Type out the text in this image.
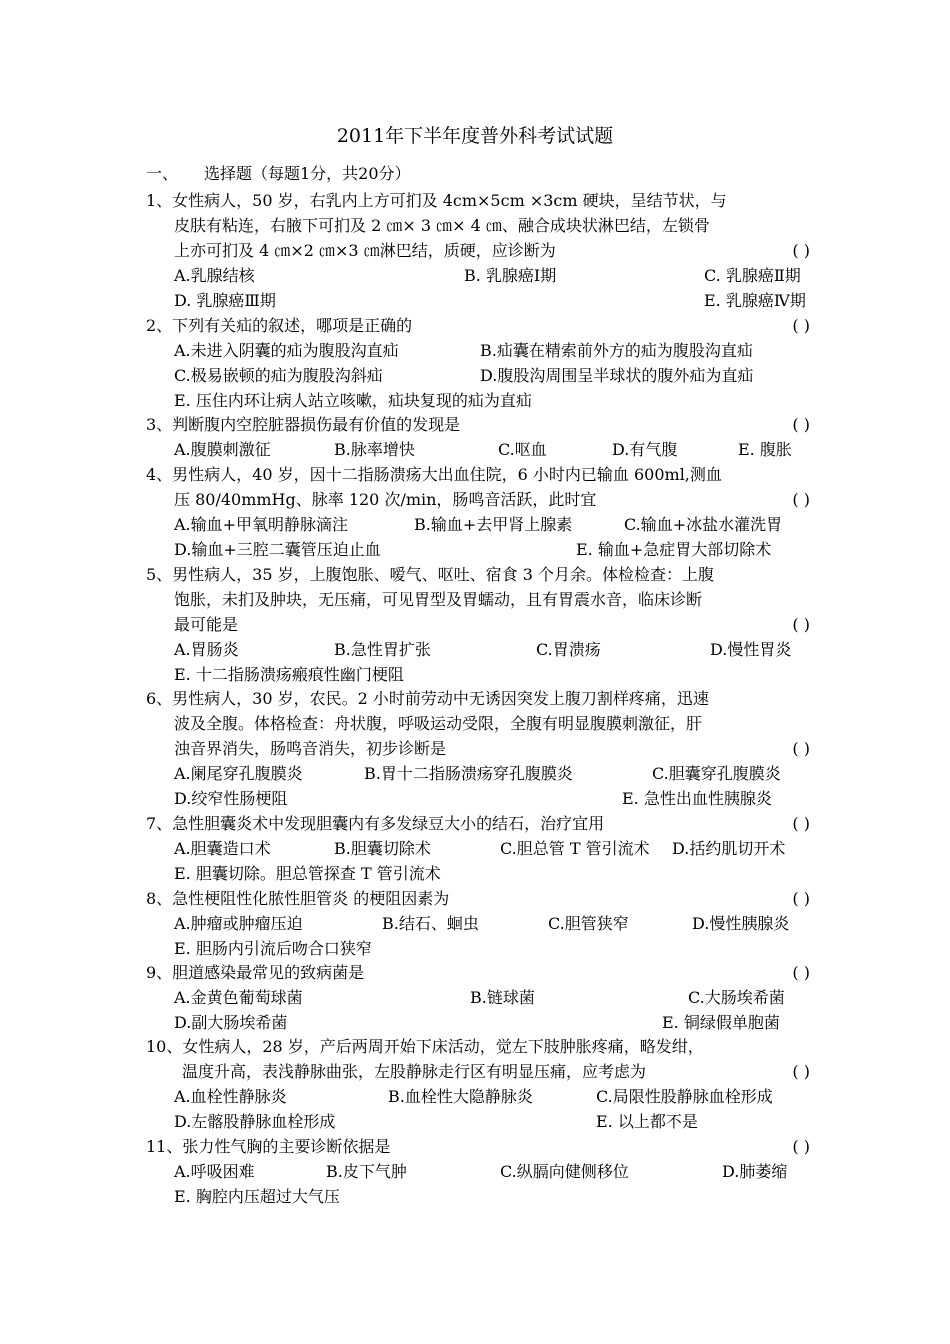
2011年下半年度普外科考试试题
一、 选择题（每题1分，共20分）
1、女性病人，50 岁，右乳内上方可扪及 4cm×5cm ×3cm 硬块，呈结节状，与
皮肤有粘连，右腋下可扪及 2 ㎝× 3 ㎝× 4 ㎝、融合成块状淋巴结，左锁骨
上亦可扪及 4 ㎝×2 ㎝×3 ㎝淋巴结，质硬，应诊断为	( )
A.乳腺结核	B. 乳腺癌Ⅰ期	C. 乳腺癌Ⅱ期
D. 乳腺癌Ⅲ期	E. 乳腺癌Ⅳ期
2、下列有关疝的叙述，哪项是正确的	( )
A.未进入阴囊的疝为腹股沟直疝	B.疝囊在精索前外方的疝为腹股沟直疝
C.极易嵌顿的疝为腹股沟斜疝	D.腹股沟周围呈半球状的腹外疝为直疝
E. 压住内环让病人站立咳嗽，疝块复现的疝为直疝
3、判断腹内空腔脏器损伤最有价值的发现是	( )
A.腹膜刺激征	B.脉率增快	C.呕血	D.有气腹	E. 腹胀
4、男性病人，40 岁，因十二指肠溃疡大出血住院，6 小时内已输血 600ml,测血
压 80/40mmHg、脉率 120 次/min，肠鸣音活跃，此时宜	( )
A.输血+甲氧明静脉滴注	B.输血+去甲肾上腺素	C.输血+冰盐水灌洗胃
D.输血+三腔二囊管压迫止血	E. 输血+急症胃大部切除术
5、男性病人，35 岁，上腹饱胀、嗳气、呕吐、宿食 3 个月余。体检检查：上腹
饱胀，未扪及肿块，无压痛，可见胃型及胃蠕动，且有胃震水音，临床诊断
最可能是	( )
A.胃肠炎	B.急性胃扩张	C.胃溃疡	D.慢性胃炎
E. 十二指肠溃疡瘢痕性幽门梗阻
6、男性病人，30 岁，农民。2 小时前劳动中无诱因突发上腹刀割样疼痛，迅速
波及全腹。体格检查：舟状腹，呼吸运动受限，全腹有明显腹膜刺激征，肝
浊音界消失，肠鸣音消失，初步诊断是	( )
A.阑尾穿孔腹膜炎	B.胃十二指肠溃疡穿孔腹膜炎	C.胆囊穿孔腹膜炎
D.绞窄性肠梗阻	E. 急性出血性胰腺炎
7、急性胆囊炎术中发现胆囊内有多发绿豆大小的结石，治疗宜用	( )
A.胆囊造口术	B.胆囊切除术	C.胆总管 T 管引流术 D.括约肌切开术
E. 胆囊切除。胆总管探查 T 管引流术
8、急性梗阻性化脓性胆管炎 的梗阻因素为	( )
A.肿瘤或肿瘤压迫	B.结石、蛔虫	C.胆管狭窄	D.慢性胰腺炎
E. 胆肠内引流后吻合口狭窄
9、胆道感染最常见的致病菌是	( )
A.金黄色葡萄球菌	B.链球菌	C.大肠埃希菌
D.副大肠埃希菌	E. 铜绿假单胞菌
10、女性病人，28 岁，产后两周开始下床活动，觉左下肢肿胀疼痛，略发绀，
温度升高，表浅静脉曲张，左股静脉走行区有明显压痛，应考虑为	( )
A.血栓性静脉炎	B.血栓性大隐静脉炎	C.局限性股静脉血栓形成
D.左髂股静脉血栓形成	E. 以上都不是
11、张力性气胸的主要诊断依据是	( )
A.呼吸困难	B.皮下气肿	C.纵膈向健侧移位	D.肺萎缩
E. 胸腔内压超过大气压
